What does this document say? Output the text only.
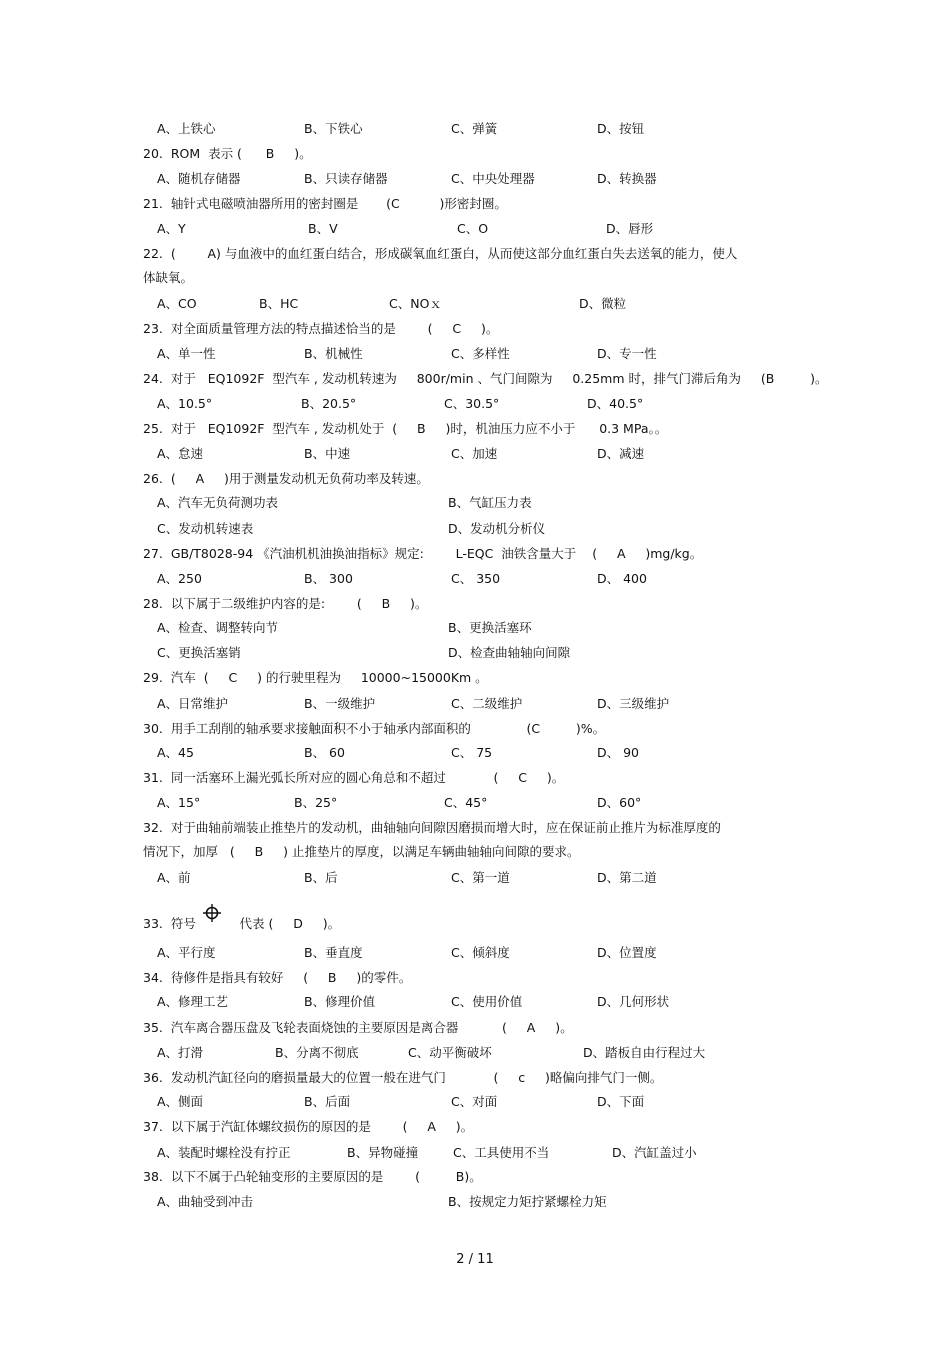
A、上铁心	B、下铁心	C、弹簧	D、按钮
20.  ROM  表示 (      B     )。
A、随机存储器	B、只读存储器	C、中央处理器	D、转换器
21.  轴针式电磁喷油器所用的密封圈是       (C          )形密封圈。
A、Y	B、V	C、O	D、唇形
22.  (        A) 与血液中的血红蛋白结合，形成碳氧血红蛋白，从而使这部分血红蛋白失去送氧的能力，使人
体缺氧。
A、CO	B、HC	C、NOｘ	D、微粒
23.  对全面质量管理方法的特点描述恰当的是        (     C     )。
A、单一性	B、机械性	C、多样性	D、专一性
24.  对于   EQ1092F  型汽车 , 发动机转速为     800r/min 、气门间隙为     0.25mm 时，排气门滞后角为     (B         )。
A、10.5°	B、20.5°	C、30.5°	D、40.5°
25.  对于   EQ1092F  型汽车 , 发动机处于  (     B     )时，机油压力应不小于      0.3 MPa。。
A、怠速	B、中速	C、加速	D、减速
26.  (     A     )用于测量发动机无负荷功率及转速。
A、汽车无负荷测功表	B、气缸压力表
C、发动机转速表	D、发动机分析仪
27.  GB/T8028-94 《汽油机机油换油指标》规定:        L-EQC  油铁含量大于    (     A     )mg/kg。
A、250	B、 300	C、 350	D、 400
28.  以下属于二级维护内容的是:        (     B     )。
A、检查、调整转向节	B、更换活塞环
C、更换活塞销	D、检查曲轴轴向间隙
29.  汽车  (     C     ) 的行驶里程为     10000~15000Km 。
A、日常维护	B、一级维护	C、二级维护	D、三级维护
30.  用手工刮削的轴承要求接触面积不小于轴承内部面积的              (C         )%。
A、45	B、 60	C、 75	D、 90
31.  同一活塞环上漏光弧长所对应的圆心角总和不超过            (     C     )。
A、15°	B、25°	C、45°	D、60°
32.  对于曲轴前端装止推垫片的发动机，曲轴轴向间隙因磨损而增大时，应在保证前止推片为标准厚度的
情况下，加厚   (     B     ) 止推垫片的厚度，以满足车辆曲轴轴向间隙的要求。
A、前	B、后	C、第一道	D、第二道
33.  符号           代表 (     D     )。
A、平行度	B、垂直度	C、倾斜度	D、位置度
34.  待修件是指具有较好     (     B     )的零件。
A、修理工艺	B、修理价值	C、使用价值	D、几何形状
35.  汽车离合器压盘及飞轮表面烧蚀的主要原因是离合器           (     A     )。
A、打滑	B、分离不彻底	C、动平衡破坏	D、踏板自由行程过大
36.  发动机汽缸径向的磨损量最大的位置一般在进气门            (     c     )略偏向排气门一侧。
A、侧面	B、后面	C、对面	D、下面
37.  以下属于汽缸体螺纹损伤的原因的是        (     A     )。
A、装配时螺栓没有拧正	B、异物碰撞	C、工具使用不当	D、汽缸盖过小
38.  以下不属于凸轮轴变形的主要原因的是        (         B)。
A、曲轴受到冲击	B、按规定力矩拧紧螺栓力矩
2 / 11
